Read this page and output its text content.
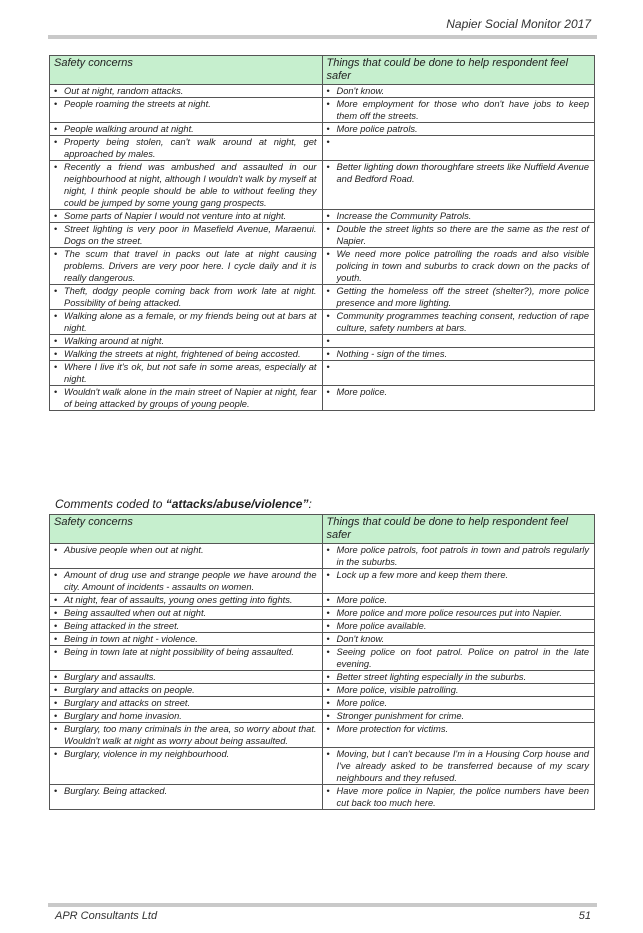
Napier Social Monitor 2017
Safety concerns	Things that could be done to help respondent feel safer

• Out at night, random attacks.	• Don't know.

• People roaming the streets at night.	• More employment for those who don't have jobs to keep them off the streets.

• People walking around at night.	• More police patrols.

• Property being stolen, can't walk around at night, get approached by males.	•

• Recently a friend was ambushed and assaulted in our neighbourhood at night, although I wouldn't walk by myself at night, I think people should be able to without feeling they could be jumped by some young gang prospects.	• Better lighting down thoroughfare streets like Nuffield Avenue and Bedford Road.

• Some parts of Napier I would not venture into at night.	• Increase the Community Patrols.

• Street lighting is very poor in Masefield Avenue, Maraenui. Dogs on the street.	• Double the street lights so there are the same as the rest of Napier.

• The scum that travel in packs out late at night causing problems. Drivers are very poor here. I cycle daily and it is really dangerous.	• We need more police patrolling the roads and also visible policing in town and suburbs to crack down on the packs of youth.

• Theft, dodgy people coming back from work late at night. Possibility of being attacked.	• Getting the homeless off the street (shelter?), more police presence and more lighting.

• Walking alone as a female, or my friends being out at bars at night.	• Community programmes teaching consent, reduction of rape culture, safety numbers at bars.

• Walking around at night.	•

• Walking the streets at night, frightened of being accosted.	• Nothing - sign of the times.

• Where I live it's ok, but not safe in some areas, especially at night.	•

• Wouldn't walk alone in the main street of Napier at night, fear of being attacked by groups of young people.	• More police.
Comments coded to “attacks/abuse/violence”:
Safety concerns	Things that could be done to help respondent feel safer

• Abusive people when out at night.	• More police patrols, foot patrols in town and patrols regularly in the suburbs.

• Amount of drug use and strange people we have around the city. Amount of incidents - assaults on women.	• Lock up a few more and keep them there.

• At night, fear of assaults, young ones getting into fights.	• More police.

• Being assaulted when out at night.	• More police and more police resources put into Napier.

• Being attacked in the street.	• More police available.

• Being in town at night - violence.	• Don't know.

• Being in town late at night possibility of being assaulted.	• Seeing police on foot patrol. Police on patrol in the late evening.

• Burglary and assaults.	• Better street lighting especially in the suburbs.

• Burglary and attacks on people.	• More police, visible patrolling.

• Burglary and attacks on street.	• More police.

• Burglary and home invasion.	• Stronger punishment for crime.

• Burglary, too many criminals in the area, so worry about that. Wouldn't walk at night as worry about being assaulted.	• More protection for victims.

• Burglary, violence in my neighbourhood.	• Moving, but I can't because I'm in a Housing Corp house and I've already asked to be transferred because of my scary neighbours and they refused.

• Burglary. Being attacked.	• Have more police in Napier, the police numbers have been cut back too much here.
APR Consultants Ltd	51
